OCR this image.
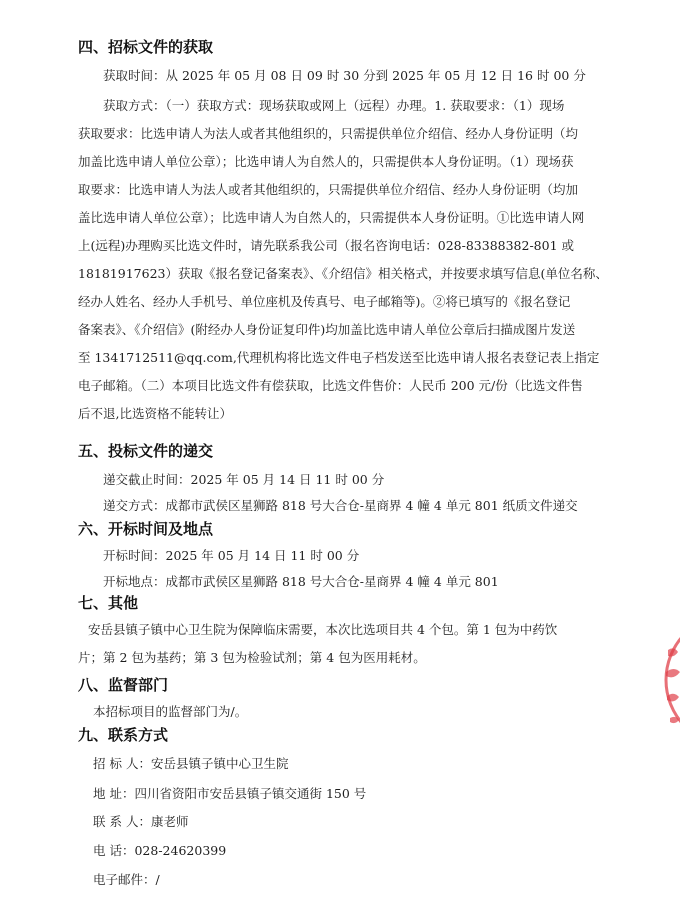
四、招标文件的获取
获取时间：从 2025 年 05 月 08 日 09 时 30 分到 2025 年 05 月 12 日 16 时 00 分
获取方式：（一）获取方式：现场获取或网上（远程）办理。1. 获取要求：（1）现场
获取要求：比选申请人为法人或者其他组织的，只需提供单位介绍信、经办人身份证明（均
加盖比选申请人单位公章）；比选申请人为自然人的，只需提供本人身份证明。（1）现场获
取要求：比选申请人为法人或者其他组织的，只需提供单位介绍信、经办人身份证明（均加
盖比选申请人单位公章）；比选申请人为自然人的，只需提供本人身份证明。①比选申请人网
上(远程)办理购买比选文件时，请先联系我公司（报名咨询电话：028-83388382-801 或
18181917623）获取《报名登记备案表》、《介绍信》相关格式，并按要求填写信息(单位名称、
经办人姓名、经办人手机号、单位座机及传真号、电子邮箱等)。②将已填写的《报名登记
备案表》、《介绍信》(附经办人身份证复印件)均加盖比选申请人单位公章后扫描成图片发送
至 1341712511@qq.com,代理机构将比选文件电子档发送至比选申请人报名表登记表上指定
电子邮箱。（二）本项目比选文件有偿获取，比选文件售价：人民币 200 元/份（比选文件售
后不退,比选资格不能转让）
五、投标文件的递交
递交截止时间：2025 年 05 月 14 日 11 时 00 分
递交方式：成都市武侯区星狮路 818 号大合仓-星商界 4 幢 4 单元 801 纸质文件递交
六、开标时间及地点
开标时间：2025 年 05 月 14 日 11 时 00 分
开标地点：成都市武侯区星狮路 818 号大合仓-星商界 4 幢 4 单元 801
七、其他
安岳县镇子镇中心卫生院为保障临床需要，本次比选项目共 4 个包。第 1 包为中药饮
片；第 2 包为基药；第 3 包为检验试剂；第 4 包为医用耗材。
八、监督部门
本招标项目的监督部门为/。
九、联系方式
招 标 人：安岳县镇子镇中心卫生院
地 址：四川省资阳市安岳县镇子镇交通街 150 号
联 系 人：康老师
电 话：028-24620399
电子邮件：/
